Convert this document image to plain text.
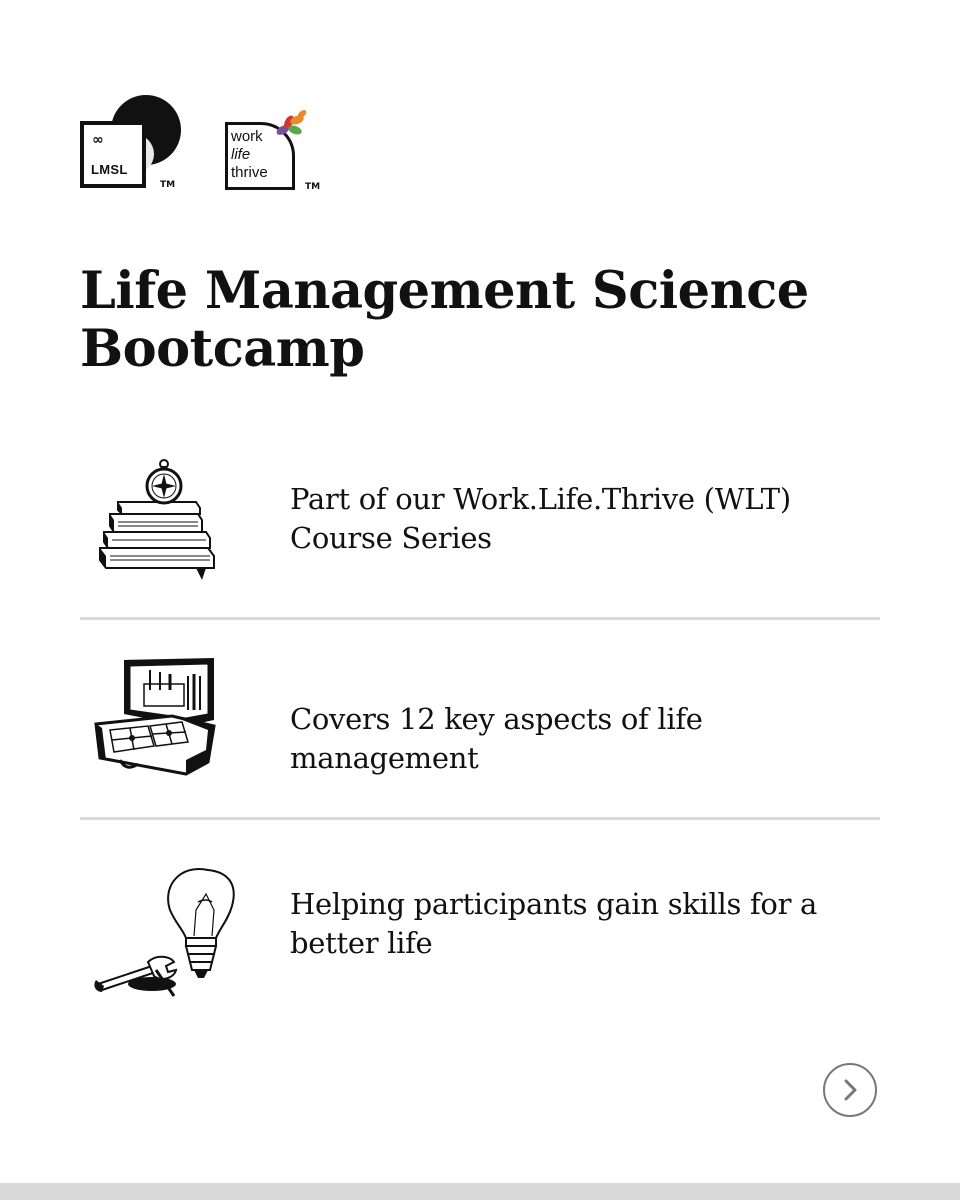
∞
LMSL
TM
work
life
thrive
TM
Life Management Science
Bootcamp
Part of our Work.Life.Thrive (WLT) Course Series
Covers 12 key aspects of life management
Helping participants gain skills for a better life
